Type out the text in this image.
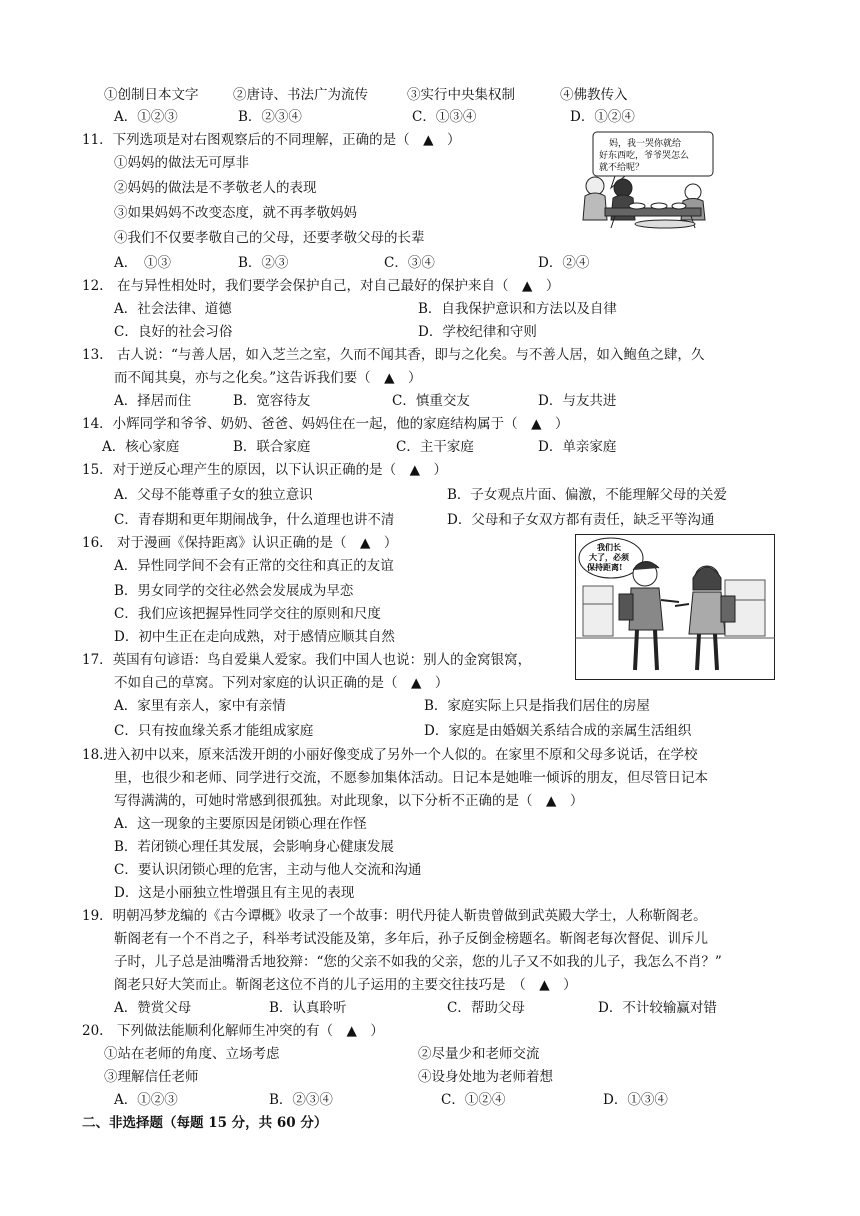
①创制日本文字	②唐诗、书法广为流传	③实行中央集权制	④佛教传入
A．①②③	B．②③④	C．①③④	D．①②④
11．下列选项是对右图观察后的不同理解，正确的是（　▲　）
①妈妈的做法无可厚非
②妈妈的做法是不孝敬老人的表现
③如果妈妈不改变态度，就不再孝敬妈妈
④我们不仅要孝敬自己的父母，还要孝敬父母的长辈
A．　①③	B．②③	C．③④	D．②④
妈，我一哭你就给
好东西吃，爷爷哭怎么
就不给呢？
12.　在与异性相处时，我们要学会保护自己，对自己最好的保护来自（　▲　）
A．社会法律、道德	B．自我保护意识和方法以及自律
C．良好的社会习俗	D．学校纪律和守则
13.　古人说：“与善人居，如入芝兰之室，久而不闻其香，即与之化矣。与不善人居，如入鲍鱼之肆，久
而不闻其臭，亦与之化矣。”这告诉我们要（　▲　）
A．择居而住	B．宽容待友	C．慎重交友	D．与友共进
14．小辉同学和爷爷、奶奶、爸爸、妈妈住在一起，他的家庭结构属于（　▲　）
A．核心家庭	B．联合家庭	C．主干家庭	D．单亲家庭
15．对于逆反心理产生的原因，以下认识正确的是（　▲　）
A．父母不能尊重子女的独立意识	B．子女观点片面、偏激，不能理解父母的关爱
C．青春期和更年期闹战争，什么道理也讲不清	D．父母和子女双方都有责任，缺乏平等沟通
16.　对于漫画《保持距离》认识正确的是（　▲　）
A．异性同学间不会有正常的交往和真正的友谊
B．男女同学的交往必然会发展成为早恋
C．我们应该把握异性同学交往的原则和尺度
D．初中生正在走向成熟，对于感情应顺其自然
我们长
大了，必须
保持距离!
17．英国有句谚语：鸟自爱巢人爱家。我们中国人也说：别人的金窝银窝，
不如自己的草窝。下列对家庭的认识正确的是（　▲　）
A．家里有亲人，家中有亲情	B．家庭实际上只是指我们居住的房屋
C．只有按血缘关系才能组成家庭	D．家庭是由婚姻关系结合成的亲属生活组织
18.进入初中以来，原来活泼开朗的小丽好像变成了另外一个人似的。在家里不原和父母多说话，在学校
里，也很少和老师、同学进行交流，不愿参加集体活动。日记本是她唯一倾诉的朋友，但尽管日记本
写得满满的，可她时常感到很孤独。对此现象，以下分析不正确的是（　▲　）
A．这一现象的主要原因是闭锁心理在作怪
B．若闭锁心理任其发展，会影响身心健康发展
C．要认识闭锁心理的危害，主动与他人交流和沟通
D．这是小丽独立性增强且有主见的表现
19．明朝冯梦龙编的《古今谭概》收录了一个故事：明代丹徒人靳贵曾做到武英殿大学士，人称靳阁老。
靳阁老有一个不肖之子，科举考试没能及第，多年后，孙子反倒金榜题名。靳阁老每次督促、训斥儿
子时，儿子总是油嘴滑舌地狡辩：“您的父亲不如我的父亲，您的儿子又不如我的儿子，我怎么不肖？”
阁老只好大笑而止。靳阁老这位不肖的儿子运用的主要交往技巧是　（　▲　）
A．赞赏父母	B．认真聆听	C．帮助父母	D．不计较输赢对错
20.　下列做法能顺利化解师生冲突的有（　▲　）
①站在老师的角度、立场考虑	②尽量少和老师交流
③理解信任老师	④设身处地为老师着想
A．①②③	B．②③④	C．①②④	D．①③④
二、非选择题（每题 15 分，共 60 分）
